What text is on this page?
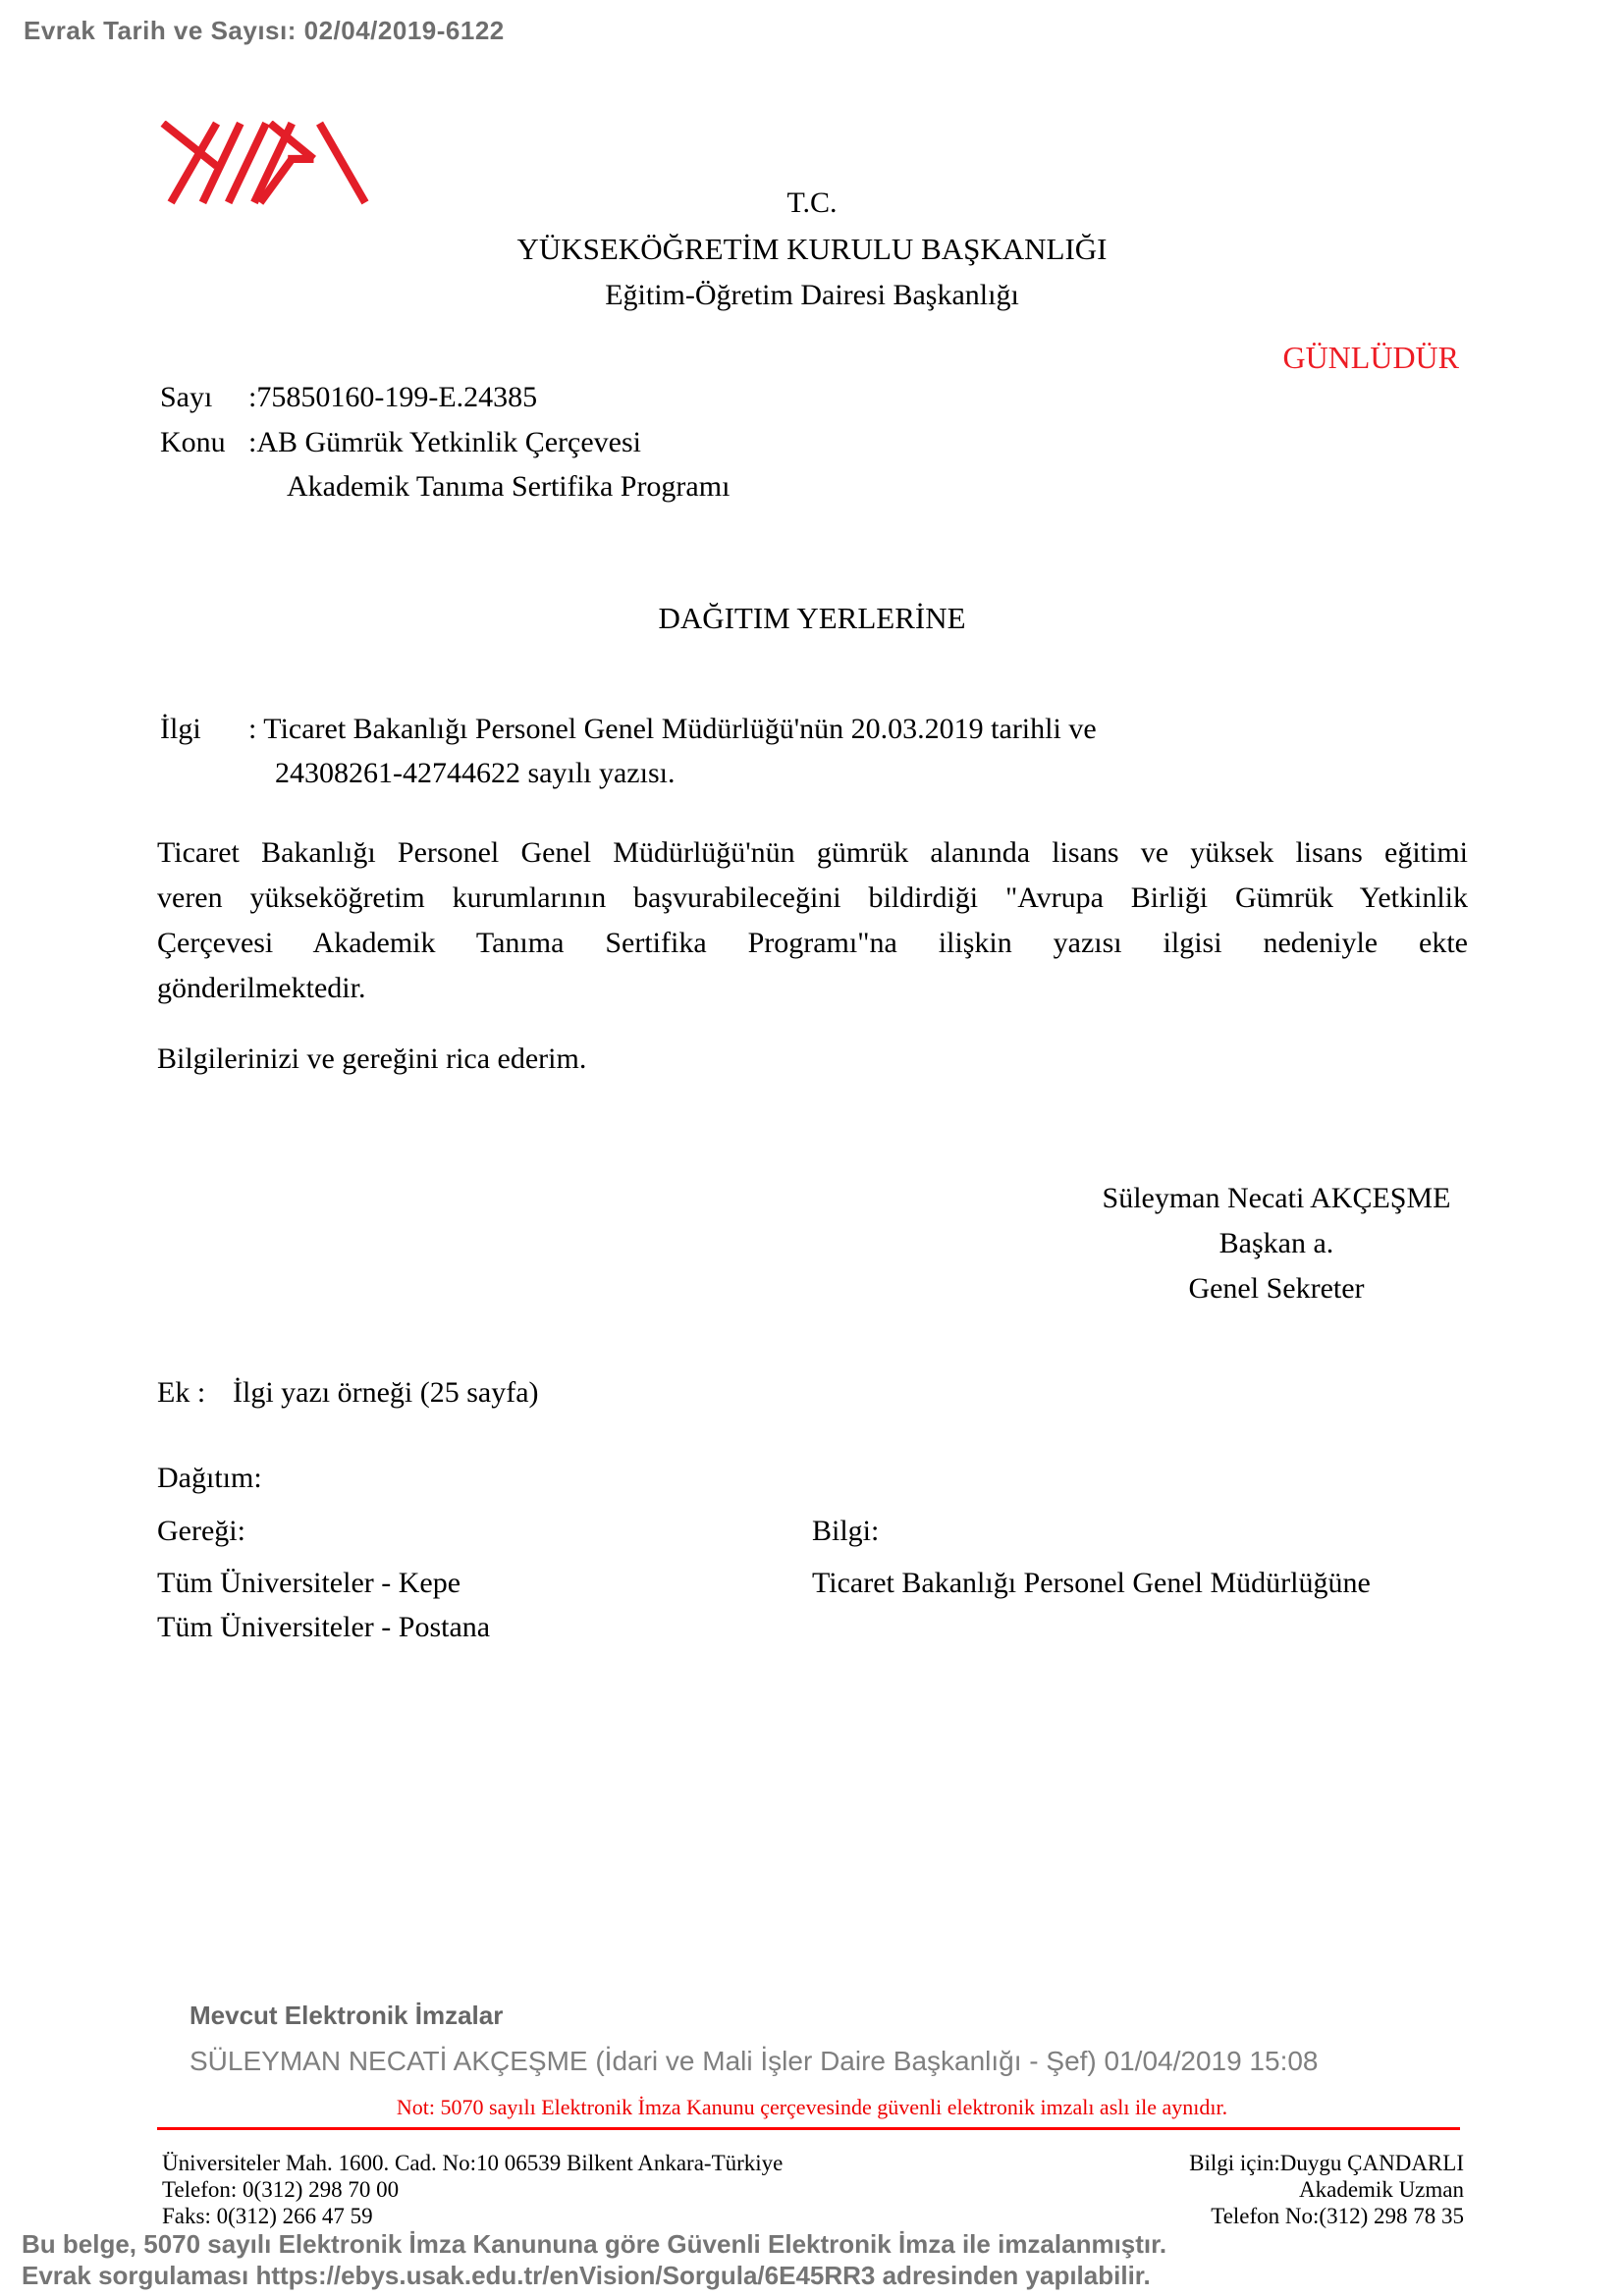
Evrak Tarih ve Sayısı: 02/04/2019-6122
T.C.
YÜKSEKÖĞRETİM KURULU BAŞKANLIĞI
Eğitim-Öğretim Dairesi Başkanlığı
GÜNLÜDÜR
Sayı :75850160-199-E.24385
Konu :AB Gümrük Yetkinlik Çerçevesi
Akademik Tanıma Sertifika Programı
DAĞITIM YERLERİNE
İlgi : Ticaret Bakanlığı Personel Genel Müdürlüğü'nün 20.03.2019 tarihli ve
24308261-42744622 sayılı yazısı.
Ticaret Bakanlığı Personel Genel Müdürlüğü'nün gümrük alanında lisans ve yüksek lisans eğitimi
veren yükseköğretim kurumlarının başvurabileceğini bildirdiği "Avrupa Birliği Gümrük Yetkinlik
Çerçevesi Akademik Tanıma Sertifika Programı"na ilişkin yazısı ilgisi nedeniyle ekte
gönderilmektedir.
Bilgilerinizi ve gereğini rica ederim.
Süleyman Necati AKÇEŞME
Başkan a.
Genel Sekreter
Ek : İlgi yazı örneği (25 sayfa)
Dağıtım:
Gereği:	Bilgi:
Tüm Üniversiteler - Kepe
Tüm Üniversiteler - Postana
Ticaret Bakanlığı Personel Genel Müdürlüğüne
Mevcut Elektronik İmzalar
SÜLEYMAN NECATİ AKÇEŞME (İdari ve Mali İşler Daire Başkanlığı - Şef) 01/04/2019 15:08
Not: 5070 sayılı Elektronik İmza Kanunu çerçevesinde güvenli elektronik imzalı aslı ile aynıdır.
Üniversiteler Mah. 1600. Cad. No:10 06539 Bilkent Ankara-Türkiye
Telefon: 0(312) 298 70 00
Faks: 0(312) 266 47 59
Bilgi için:Duygu ÇANDARLI
Akademik Uzman
Telefon No:(312) 298 78 35
Bu belge, 5070 sayılı Elektronik İmza Kanununa göre Güvenli Elektronik İmza ile imzalanmıştır.
Evrak sorgulaması https://ebys.usak.edu.tr/enVision/Sorgula/6E45RR3 adresinden yapılabilir.
